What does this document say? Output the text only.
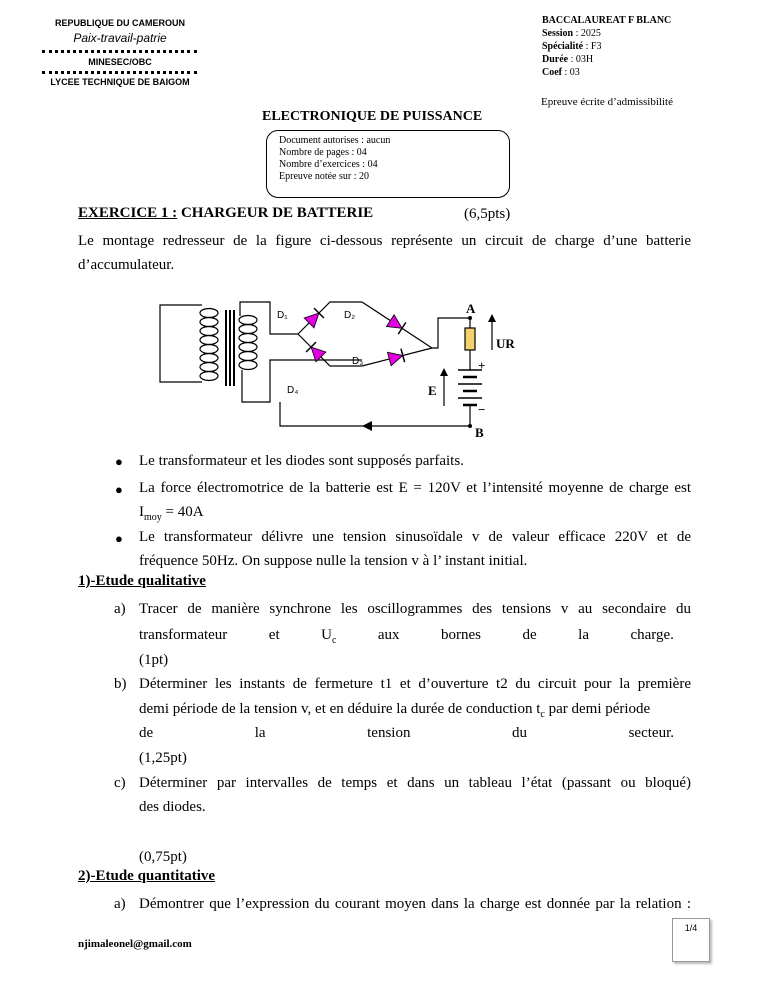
REPUBLIQUE DU CAMEROUN
Paix-travail-patrie
MINESEC/OBC
LYCEE TECHNIQUE DE BAIGOM
BACCALAUREAT F BLANC
Session : 2025
Spécialité : F3
Durée : 03H
Coef : 03
Epreuve écrite d’admissibilité
ELECTRONIQUE DE PUISSANCE
Document autorises : aucun
Nombre de pages : 04
Nombre d’exercices : 04
Epreuve notée sur : 20
EXERCICE 1 : CHARGEUR DE BATTERIE	(6,5pts)
Le montage redresseur de la figure ci-dessous représente un circuit de charge d’une batterie
d’accumulateur.
D₁	D₂
D₃
D₄
A
UR
E
+
−
B
● Le transformateur et les diodes sont supposés parfaits.
● La force électromotrice de la batterie est E = 120V et l’intensité moyenne de charge est
$I_{moy} = 40A$
● Le transformateur délivre une tension sinusoïdale v de valeur efficace 220V et de
fréquence 50Hz. On suppose nulle la tension v à l’ instant initial.
1)-Etude qualitative
a) Tracer de manière synchrone les oscillogrammes des tensions v au secondaire du
transformateur	et	$U_c$	aux	bornes	de	la	charge.
(1pt)
b) Déterminer les instants de fermeture t1 et d’ouverture t2 du circuit pour la première
demi période de la tension v, et en déduire la durée de conduction $t_c$ par demi période
de	la	tension	du	secteur.
(1,25pt)
c) Déterminer par intervalles de temps et dans un tableau l’état (passant ou bloqué)
des diodes.
(0,75pt)
2)-Etude quantitative
a) Démontrer que l’expression du courant moyen dans la charge est donnée par la relation :
1/4
njimaleonel@gmail.com
